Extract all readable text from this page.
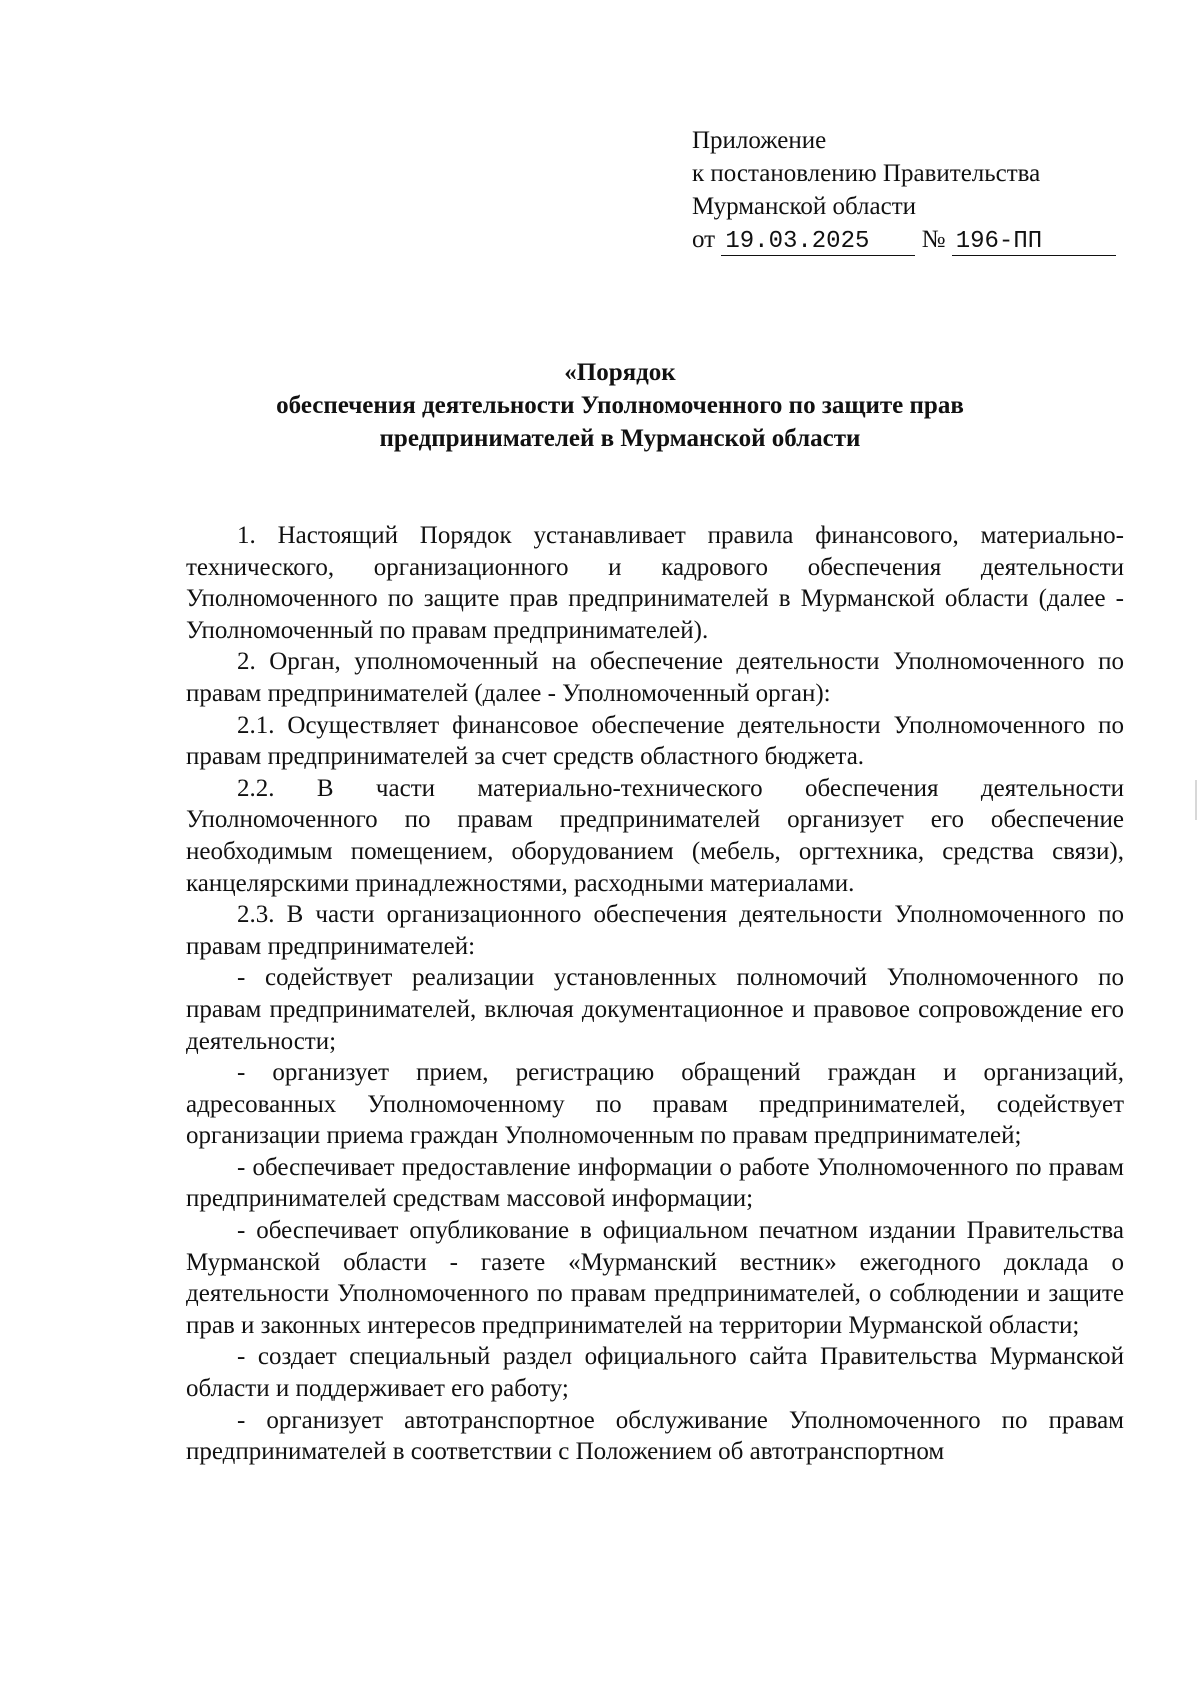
Приложение
к постановлению Правительства
Мурманской области
от 19.03.2025 № 196-ПП
«Порядок
обеспечения деятельности Уполномоченного по защите прав
предпринимателей в Мурманской области

1. Настоящий Порядок устанавливает правила финансового, материально-технического, организационного и кадрового обеспечения деятельности Уполномоченного по защите прав предпринимателей в Мурманской области (далее - Уполномоченный по правам предпринимателей).

2. Орган, уполномоченный на обеспечение деятельности Уполномоченного по правам предпринимателей (далее - Уполномоченный орган):

2.1. Осуществляет финансовое обеспечение деятельности Уполномоченного по правам предпринимателей за счет средств областного бюджета.

2.2. В части материально-технического обеспечения деятельности Уполномоченного по правам предпринимателей организует его обеспечение необходимым помещением, оборудованием (мебель, оргтехника, средства связи), канцелярскими принадлежностями, расходными материалами.

2.3. В части организационного обеспечения деятельности Уполномоченного по правам предпринимателей:

- содействует реализации установленных полномочий Уполномоченного по правам предпринимателей, включая документационное и правовое сопровождение его деятельности;

- организует прием, регистрацию обращений граждан и организаций, адресованных Уполномоченному по правам предпринимателей, содействует организации приема граждан Уполномоченным по правам предпринимателей;

- обеспечивает предоставление информации о работе Уполномоченного по правам предпринимателей средствам массовой информации;

- обеспечивает опубликование в официальном печатном издании Правительства Мурманской области - газете «Мурманский вестник» ежегодного доклада о деятельности Уполномоченного по правам предпринимателей, о соблюдении и защите прав и законных интересов предпринимателей на территории Мурманской области;

- создает специальный раздел официального сайта Правительства Мурманской области и поддерживает его работу;

- организует автотранспортное обслуживание Уполномоченного по правам предпринимателей в соответствии с Положением об автотранспортном
